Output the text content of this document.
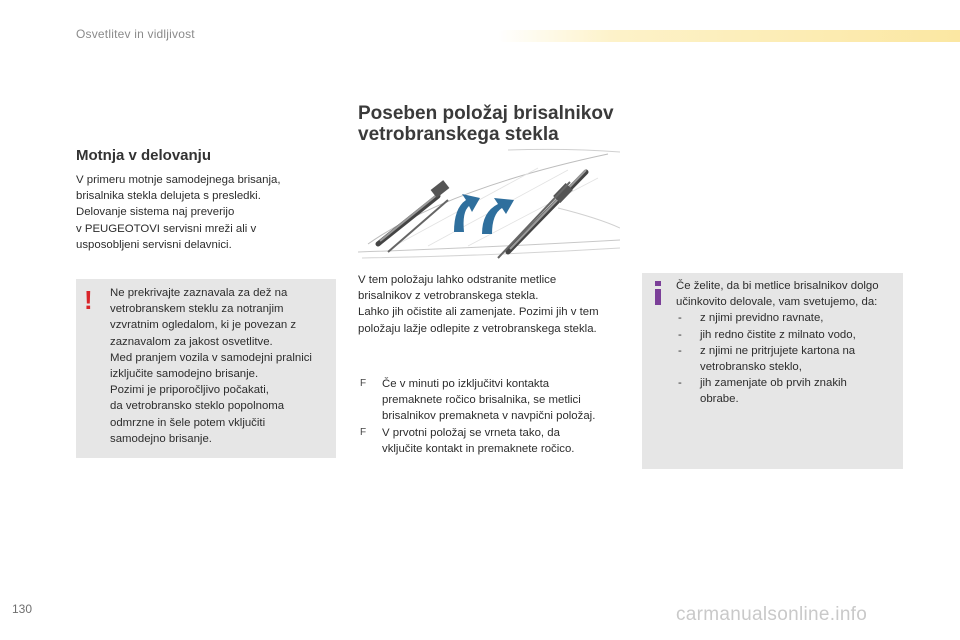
Osvetlitev in vidljivost
Motnja v delovanju
V primeru motnje samodejnega brisanja,
brisalnika stekla delujeta s presledki.
Delovanje sistema naj preverijo
v PEUGEOTOVI servisni mreži ali v
usposobljeni servisni delavnici.
! Ne prekrivajte zaznavala za dež na
vetrobranskem steklu za notranjim
vzvratnim ogledalom, ki je povezan z
zaznavalom za jakost osvetlitve.
Med pranjem vozila v samodejni pralnici
izključite samodejno brisanje.
Pozimi je priporočljivo počakati,
da vetrobransko steklo popolnoma
odmrzne in šele potem vključiti
samodejno brisanje.
Poseben položaj brisalnikov
vetrobranskega stekla
V tem položaju lahko odstranite metlice
brisalnikov z vetrobranskega stekla.
Lahko jih očistite ali zamenjate. Pozimi jih v tem
položaju lažje odlepite z vetrobranskega stekla.
F Če v minuti po izključitvi kontakta
premaknete ročico brisalnika, se metlici
brisalnikov premakneta v navpični položaj.
F V prvotni položaj se vrneta tako, da
vključite kontakt in premaknete ročico.
Če želite, da bi metlice brisalnikov dolgo
učinkovito delovale, vam svetujemo, da:
- z njimi previdno ravnate,
- jih redno čistite z milnato vodo,
- z njimi ne pritrjujete kartona na
vetrobransko steklo,
- jih zamenjate ob prvih znakih
obrabe.
130	carmanualsonline.info
